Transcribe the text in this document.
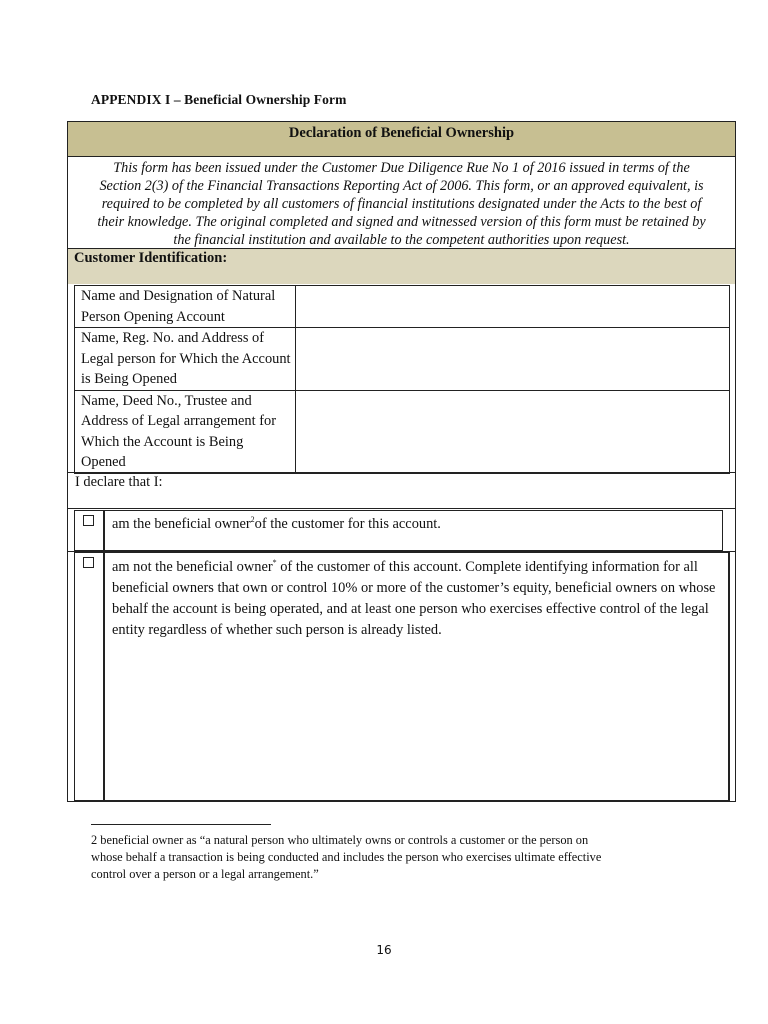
APPENDIX I – Beneficial Ownership Form
Declaration of Beneficial Ownership
This form has been issued under the Customer Due Diligence Rue No 1 of 2016 issued in terms of the
Section 2(3) of the Financial Transactions Reporting Act of 2006. This form, or an approved equivalent, is
required to be completed by all customers of financial institutions designated under the Acts to the best of
their knowledge. The original completed and signed and witnessed version of this form must be retained by
the financial institution and available to the competent authorities upon request.
Customer Identification:
Name and Designation of Natural Person Opening Account	
Name, Reg. No. and Address of Legal person for Which the Account is Being Opened	
Name, Deed No., Trustee and Address of Legal arrangement for Which the Account is Being Opened	
I declare that I:
am the beneficial owner$^2$of the customer for this account.
am not the beneficial owner* of the customer of this account. Complete identifying information for all beneficial owners that own or control 10% or more of the customer’s equity, beneficial owners on whose behalf the account is being operated, and at least one person who exercises effective control of the legal entity regardless of whether such person is already listed.
2 beneficial owner as “a natural person who ultimately owns or controls a customer or the person on
whose behalf a transaction is being conducted and includes the person who exercises ultimate effective
control over a person or a legal arrangement.”
16
